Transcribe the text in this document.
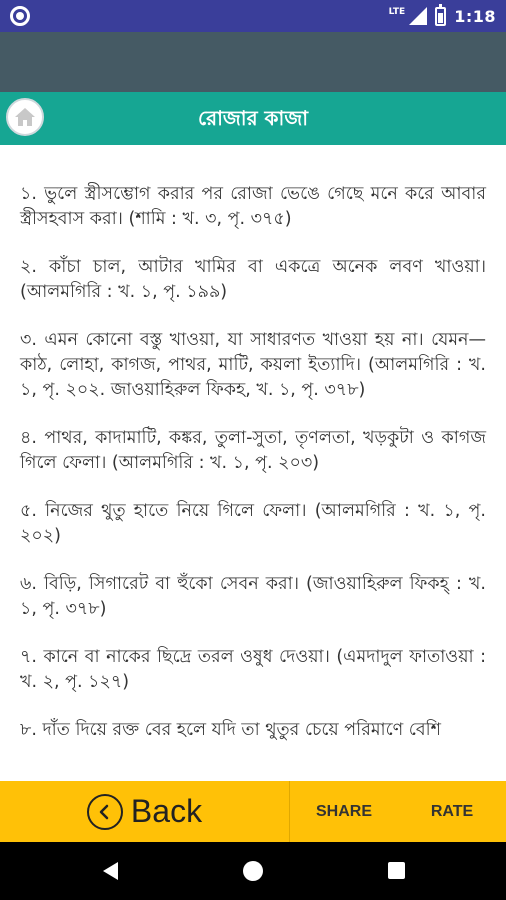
LTE	1:18
রোজার কাজা

১. ভুলে স্ত্রীসম্ভোগ করার পর রোজা ভেঙে গেছে মনে করে আবার স্ত্রীসহবাস করা। (শামি : খ. ৩, পৃ. ৩৭৫)

২. কাঁচা চাল, আটার খামির বা একত্রে অনেক লবণ খাওয়া। (আলমগিরি : খ. ১, পৃ. ১৯৯)

৩. এমন কোনো বস্তু খাওয়া, যা সাধারণত খাওয়া হয় না। যেমন—কাঠ, লোহা, কাগজ, পাথর, মাটি, কয়লা ইত্যাদি। (আলমগিরি : খ. ১, পৃ. ২০২. জাওয়াহিরুল ফিকহ, খ. ১, পৃ. ৩৭৮)

৪. পাথর, কাদামাটি, কঙ্কর, তুলা-সুতা, তৃণলতা, খড়কুটা ও কাগজ গিলে ফেলা। (আলমগিরি : খ. ১, পৃ. ২০৩)

৫. নিজের থুতু হাতে নিয়ে গিলে ফেলা। (আলমগিরি : খ. ১, পৃ. ২০২)

৬. বিড়ি, সিগারেট বা হুঁকো সেবন করা। (জাওয়াহিরুল ফিকহ্ : খ. ১, পৃ. ৩৭৮)

৭. কানে বা নাকের ছিদ্রে তরল ওষুধ দেওয়া। (এমদাদুল ফাতাওয়া : খ. ২, পৃ. ১২৭)

৮. দাঁত দিয়ে রক্ত বের হলে যদি তা থুতুর চেয়ে পরিমাণে বেশি

Back	SHARE	RATE
